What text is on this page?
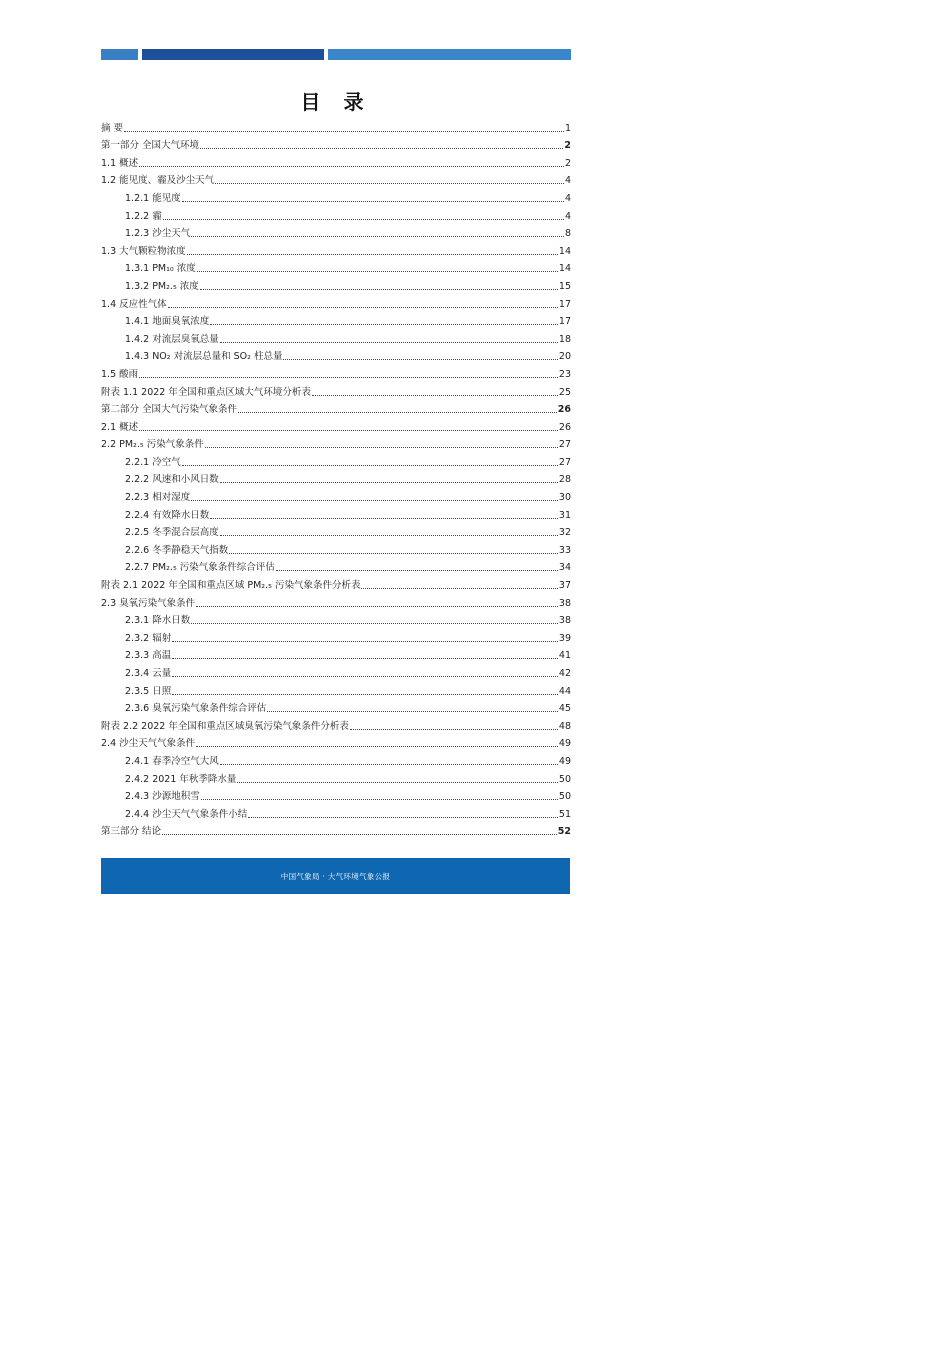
目 录
摘 要	1
第一部分 全国大气环境	2
1.1 概述	2
1.2 能见度、霾及沙尘天气	4
1.2.1 能见度	4
1.2.2 霾	4
1.2.3 沙尘天气	8
1.3 大气颗粒物浓度	14
1.3.1 PM₁₀ 浓度	14
1.3.2 PM₂.₅ 浓度	15
1.4 反应性气体	17
1.4.1 地面臭氧浓度	17
1.4.2 对流层臭氧总量	18
1.4.3 NO₂ 对流层总量和 SO₂ 柱总量	20
1.5 酸雨	23
附表 1.1 2022 年全国和重点区域大气环境分析表	25
第二部分 全国大气污染气象条件	26
2.1 概述	26
2.2 PM₂.₅ 污染气象条件	27
2.2.1 冷空气	27
2.2.2 风速和小风日数	28
2.2.3 相对湿度	30
2.2.4 有效降水日数	31
2.2.5 冬季混合层高度	32
2.2.6 冬季静稳天气指数	33
2.2.7 PM₂.₅ 污染气象条件综合评估	34
附表 2.1 2022 年全国和重点区域 PM₂.₅ 污染气象条件分析表	37
2.3 臭氧污染气象条件	38
2.3.1 降水日数	38
2.3.2 辐射	39
2.3.3 高温	41
2.3.4 云量	42
2.3.5 日照	44
2.3.6 臭氧污染气象条件综合评估	45
附表 2.2 2022 年全国和重点区域臭氧污染气象条件分析表	48
2.4 沙尘天气气象条件	49
2.4.1 春季冷空气大风	49
2.4.2 2021 年秋季降水量	50
2.4.3 沙源地积雪	50
2.4.4 沙尘天气气象条件小结	51
第三部分 结论	52
中国气象局 · 大气环境气象公报
